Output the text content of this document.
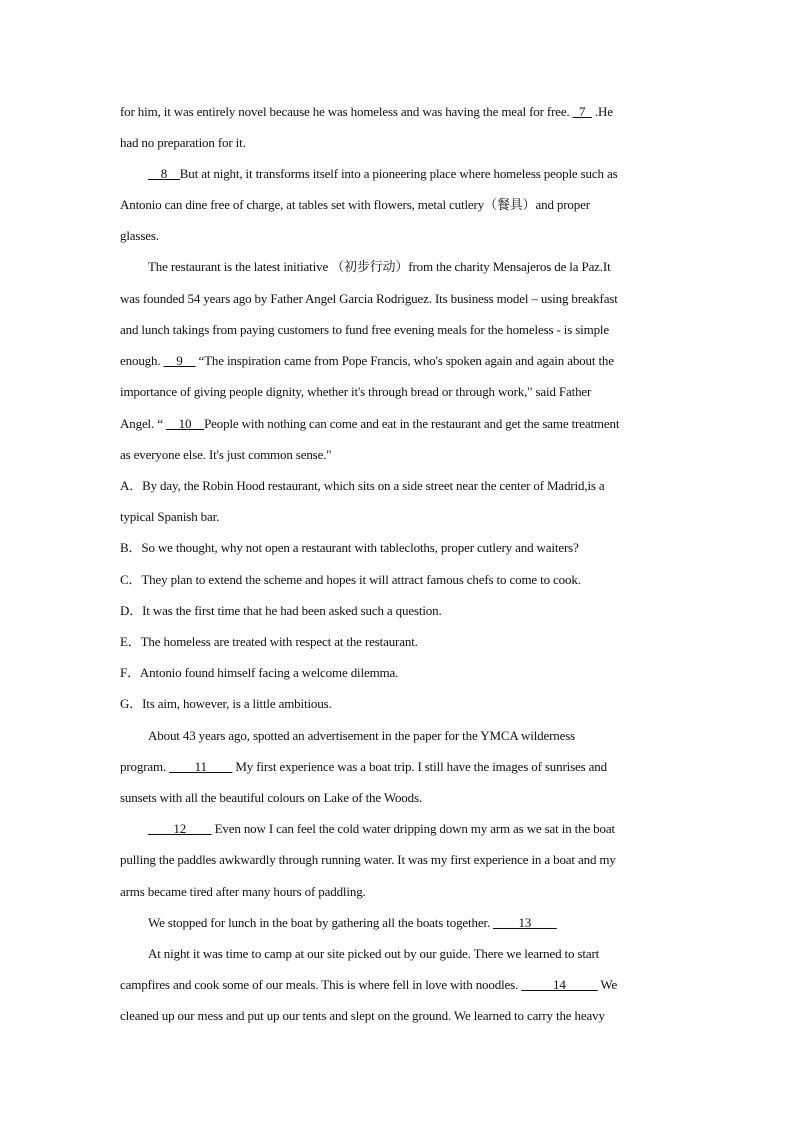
for him, it was entirely novel because he was homeless and was having the meal for free. _7_ .He
had no preparation for it.
__8__But at night, it transforms itself into a pioneering place where homeless people such as
Antonio can dine free of charge, at tables set with flowers, metal cutlery（餐具）and proper
glasses.
The restaurant is the latest initiative （初步行动）from the charity Mensajeros de la Paz.It
was founded 54 years ago by Father Angel Garcia Rodriguez. Its business model – using breakfast
and lunch takings from paying customers to fund free evening meals for the homeless - is simple
enough. __9__ “The inspiration came from Pope Francis, who's spoken again and again about the
importance of giving people dignity, whether it's through bread or through work," said Father
Angel. “ __10__People with nothing can come and eat in the restaurant and get the same treatment
as everyone else. It's just common sense."
A．By day, the Robin Hood restaurant, which sits on a side street near the center of Madrid,is a
typical Spanish bar.
B．So we thought, why not open a restaurant with tablecloths, proper cutlery and waiters?
C．They plan to extend the scheme and hopes it will attract famous chefs to come to cook.
D．It was the first time that he had been asked such a question.
E．The homeless are treated with respect at the restaurant.
F．Antonio found himself facing a welcome dilemma.
G．Its aim, however, is a little ambitious.
About 43 years ago, spotted an advertisement in the paper for the YMCA wilderness
program. ____11____ My first experience was a boat trip. I still have the images of sunrises and
sunsets with all the beautiful colours on Lake of the Woods.
____12____ Even now I can feel the cold water dripping down my arm as we sat in the boat
pulling the paddles awkwardly through running water. It was my first experience in a boat and my
arms became tired after many hours of paddling.
We stopped for lunch in the boat by gathering all the boats together. ____13____
At night it was time to camp at our site picked out by our guide. There we learned to start
campfires and cook some of our meals. This is where fell in love with noodles. _____14_____ We
cleaned up our mess and put up our tents and slept on the ground. We learned to carry the heavy
